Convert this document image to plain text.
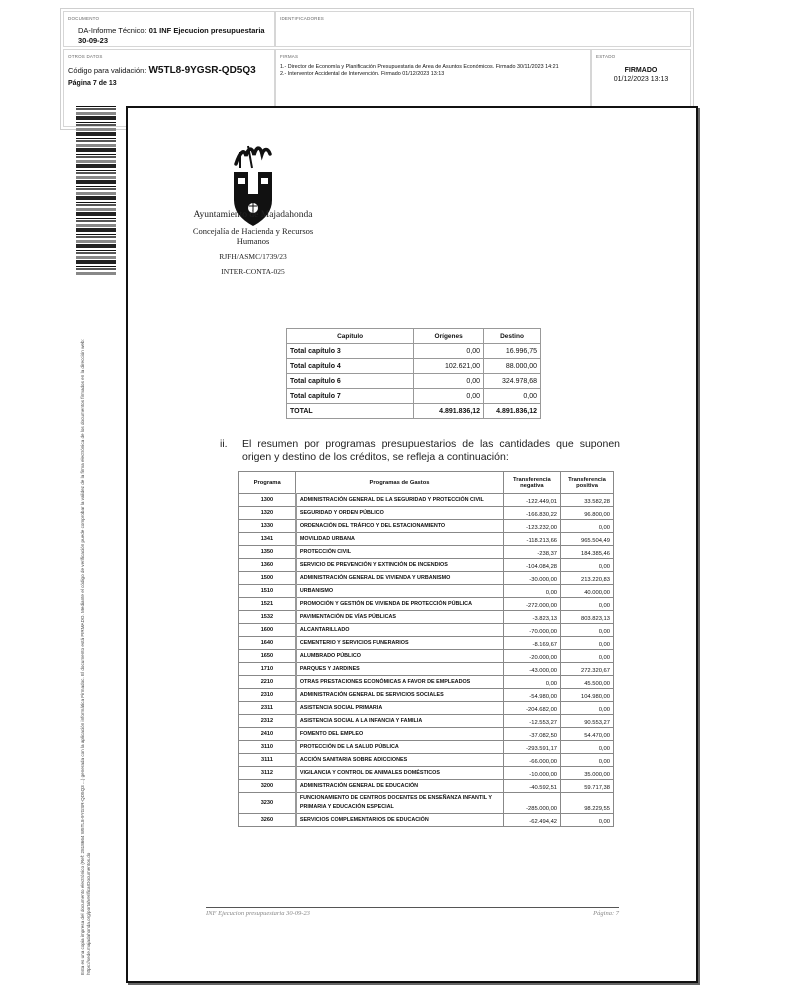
DOCUMENTO
DA-Informe Técnico: 01 INF Ejecucion presupuestaria 30-09-23
IDENTIFICADORES
OTROS DATOS
Código para validación: W5TL8-9YGSR-QD5Q3
Página 7 de 13
FIRMAS
1.- Director de Economía y Planificación Presupuestaria de Area de Asuntos Económicos. Firmado 30/11/2023 14:21
2.- Interventor Accidental de Intervención. Firmado 01/12/2023 13:13
ESTADO
FIRMADO
01/12/2023 13:13
Esta es una copia impresa del documento electrónico (Ref: 2818664 W5TL8-9YGSR-QD5Q3 ...) generada con la aplicación informática Firmadoc. El documento está FIRMADO. Mediante el código de verificación puede comprobar la validez de la firma electrónica de los documentos firmados en la dirección web: https://sede.majadahonda.org/portalVerificarDocumentos.do
Ayuntamiento de Majadahonda
Concejalía de Hacienda y Recursos Humanos
RJFH/ASMC/1739/23
INTER-CONTA-025
Capítulo	Orígenes	Destino
Total capítulo 3	0,00	16.996,75
Total capítulo 4	102.621,00	88.000,00
Total capítulo 6	0,00	324.978,68
Total capítulo 7	0,00	0,00
TOTAL	4.891.836,12	4.891.836,12
ii. El resumen por programas presupuestarios de las cantidades que suponen origen y destino de los créditos, se refleja a continuación:
Programa	Programas de Gastos	Transferencia negativa	Transferencia positiva
1300	ADMINISTRACIÓN GENERAL DE LA SEGURIDAD Y PROTECCIÓN CIVIL	-122.449,01	33.582,28
1320	SEGURIDAD Y ORDEN PÚBLICO	-166.830,22	96.800,00
1330	ORDENACIÓN DEL TRÁFICO Y DEL ESTACIONAMIENTO	-123.232,00	0,00
1341	MOVILIDAD URBANA	-118.213,66	965.504,49
1350	PROTECCIÓN CIVIL	-238,37	184.385,46
1360	SERVICIO DE PREVENCIÓN Y EXTINCIÓN DE INCENDIOS	-104.084,28	0,00
1500	ADMINISTRACIÓN GENERAL DE VIVIENDA Y URBANISMO	-30.000,00	213.220,83
1510	URBANISMO	0,00	40.000,00
1521	PROMOCIÓN Y GESTIÓN DE VIVIENDA DE PROTECCIÓN PÚBLICA	-272.000,00	0,00
1532	PAVIMENTACIÓN DE VÍAS PÚBLICAS	-3.823,13	803.823,13
1600	ALCANTARILLADO	-70.000,00	0,00
1640	CEMENTERIO Y SERVICIOS FUNERARIOS	-8.169,67	0,00
1650	ALUMBRADO PÚBLICO	-20.000,00	0,00
1710	PARQUES Y JARDINES	-43.000,00	272.320,67
2210	OTRAS PRESTACIONES ECONÓMICAS A FAVOR DE EMPLEADOS	0,00	45.500,00
2310	ADMINISTRACIÓN GENERAL DE SERVICIOS SOCIALES	-54.980,00	104.980,00
2311	ASISTENCIA SOCIAL PRIMARIA	-204.682,00	0,00
2312	ASISTENCIA SOCIAL A LA INFANCIA Y FAMILIA	-12.553,27	90.553,27
2410	FOMENTO DEL EMPLEO	-37.082,50	54.470,00
3110	PROTECCIÓN DE LA SALUD PÚBLICA	-293.591,17	0,00
3111	ACCIÓN SANITARIA SOBRE ADICCIONES	-66.000,00	0,00
3112	VIGILANCIA Y CONTROL DE ANIMALES DOMÉSTICOS	-10.000,00	35.000,00
3200	ADMINISTRACIÓN GENERAL DE EDUCACIÓN	-40.592,51	59.717,38
3230	FUNCIONAMIENTO DE CENTROS DOCENTES DE ENSEÑANZA INFANTIL Y PRIMARIA Y EDUCACIÓN ESPECIAL	-285.000,00	98.229,55
3260	SERVICIOS COMPLEMENTARIOS DE EDUCACIÓN	-62.494,42	0,00
INF Ejecucion presupuestaria 30-09-23	Página: 7
